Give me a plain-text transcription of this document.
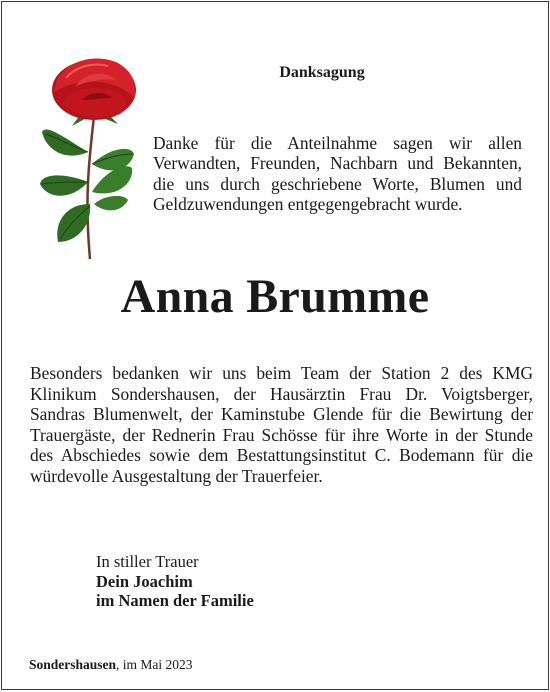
Danksagung
Danke für die Anteilnahme sagen wir allen Verwandten, Freunden, Nachbarn und Bekannten, die uns durch geschriebene Worte, Blumen und Geldzuwendungen entgegengebracht wurde.
Anna Brumme
Besonders bedanken wir uns beim Team der Station 2 des KMG Klinikum Sondershausen, der Hausärztin Frau Dr. Voigtsberger, Sandras Blumenwelt, der Kaminstube Glende für die Bewirtung der Trauergäste, der Rednerin Frau Schösse für ihre Worte in der Stunde des Abschiedes sowie dem Bestattungsinstitut C. Bodemann für die würdevolle Ausgestaltung der Trauerfeier.
In stiller Trauer
Dein Joachim
im Namen der Familie
Sondershausen, im Mai 2023
